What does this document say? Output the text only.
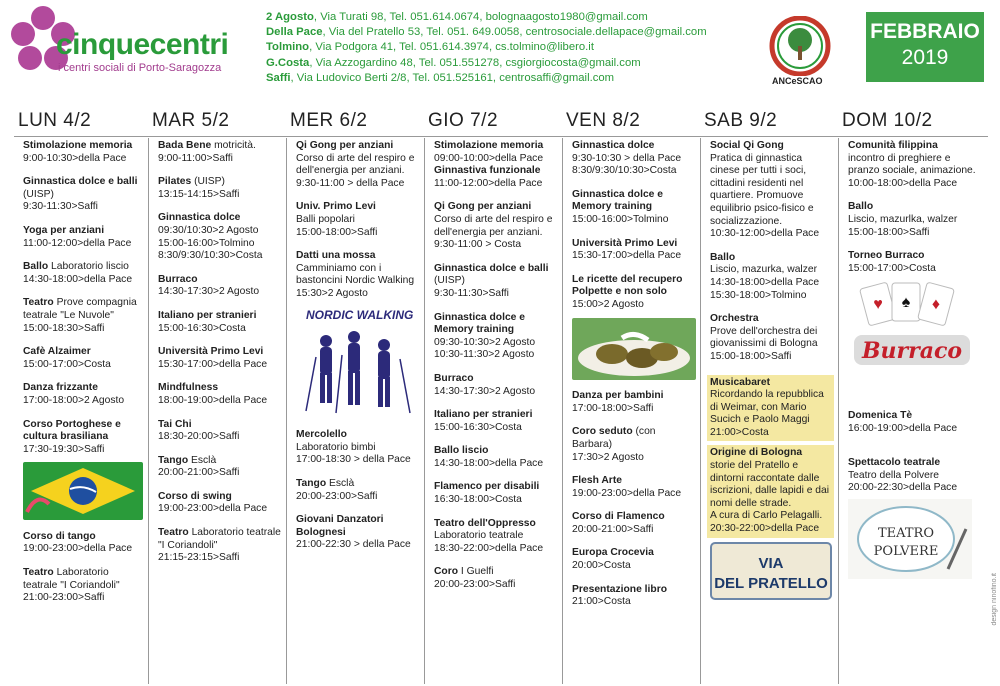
cinquecentri
i centri sociali di Porto-Saragozza
2 Agosto, Via Turati 98, Tel. 051.614.0674, bolognaagosto1980@gmail.com
Della Pace, Via del Pratello 53, Tel. 051. 649.0058, centrosociale.dellapace@gmail.com
Tolmino, Via Podgora 41, Tel. 051.614.3974, cs.tolmino@libero.it
G.Costa, Via Azzogardino 48, Tel. 051.551278, csgiorgiocosta@gmail.com
Saffi, Via Ludovico Berti 2/8, Tel. 051.525161, centrosaffi@gmail.com	ANCeSCAO
FEBBRAIO
2019
LUN 4/2
Stimolazione memoria
9:00-10:30>della Pace
Ginnastica dolce e balli
(UISP)
9:30-11:30>Saffi
Yoga per anziani
11:00-12:00>della Pace
Ballo Laboratorio liscio
14:30-18:00>della Pace
Teatro Prove compagnia teatrale "Le Nuvole"
15:00-18:30>Saffi
Cafè Alzaimer
15:00-17:00>Costa
Danza frizzante
17:00-18:00>2 Agosto
Corso Portoghese e cultura brasiliana
17:30-19:30>Saffi
Corso di tango
19:00-23:00>della Pace
Teatro Laboratorio teatrale "I Coriandoli"
21:00-23:00>Saffi
MAR 5/2
Bada Bene motricità.
9:00-11:00>Saffi
Pilates (UISP)
13:15-14:15>Saffi
Ginnastica dolce
09:30/10:30>2 Agosto
15:00-16:00>Tolmino
8:30/9:30/10:30>Costa
Burraco
14:30-17:30>2 Agosto
Italiano per stranieri
15:00-16:30>Costa
Università Primo Levi
15:30-17:00>della Pace
Mindfulness
18:00-19:00>della Pace
Tai Chi
18:30-20:00>Saffi
Tango Esclà
20:00-21:00>Saffi
Corso di swing
19:00-23:00>della Pace
Teatro Laboratorio teatrale "I Coriandoli"
21:15-23:15>Saffi
MER 6/2
Qi Gong per anziani
Corso di arte del respiro e dell'energia per anziani.
9:30-11:00 > della Pace
Univ. Primo Levi
Balli popolari
15:00-18:00>Saffi
Datti una mossa
Camminiamo con i bastoncini Nordic Walking
15:30>2 Agosto
NORDIC WALKING
Mercolello
Laboratorio bimbi
17:00-18:30 > della Pace
Tango Esclà
20:00-23:00>Saffi
Giovani Danzatori Bolognesi
21:00-22:30 > della Pace
GIO 7/2
Stimolazione memoria
09:00-10:00>della Pace
Ginnastiva funzionale
11:00-12:00>della Pace
Qi Gong per anziani
Corso di arte del respiro e dell'energia per anziani.
9:30-11:00 > Costa
Ginnastica dolce e balli
(UISP)
9:30-11:30>Saffi
Ginnastica dolce e Memory training
09:30-10:30>2 Agosto
10:30-11:30>2 Agosto
Burraco
14:30-17:30>2 Agosto
Italiano per stranieri
15:00-16:30>Costa
Ballo liscio
14:30-18:00>della Pace
Flamenco per disabili
16:30-18:00>Costa
Teatro dell'Oppresso
Laboratorio teatrale
18:30-22:00>della Pace
Coro I Guelfi
20:00-23:00>Saffi
VEN 8/2
Ginnastica dolce
9:30-10:30 > della Pace
8:30/9:30/10:30>Costa
Ginnastica dolce e Memory training
15:00-16:00>Tolmino
Università Primo Levi
15:30-17:00>della Pace
Le ricette del recupero Polpette e non solo
15:00>2 Agosto
Danza per bambini
17:00-18:00>Saffi
Coro seduto (con Barbara)
17:30>2 Agosto
Flesh Arte
19:00-23:00>della Pace
Corso di Flamenco
20:00-21:00>Saffi
Europa Crocevia
20:00>Costa
Presentazione libro
21:00>Costa
SAB 9/2
Social Qi Gong
Pratica di ginnastica cinese per tutti i soci, cittadini residenti nel quartiere. Promuove equilibrio psico-fisico e socializzazione.
10:30-12:00>della Pace
Ballo
Liscio, mazurka, walzer
14:30-18:00>della Pace
15:30-18:00>Tolmino
Orchestra
Prove dell'orchestra dei giovanissimi di Bologna
15:00-18:00>Saffi
Musicabaret
Ricordando la repubblica di Weimar, con Mario Sucich e Paolo Maggi
21:00>Costa
Origine di Bologna
storie del Pratello e dintorni raccontate dalle iscrizioni, dalle lapidi e dai nomi delle strade.
A cura di Carlo Pelagalli.
20:30-22:00>della Pace
VIA
DEL PRATELLO
DOM 10/2
Comunità filippina
incontro di preghiere e pranzo sociale, animazione.
10:00-18:00>della Pace
Ballo
Liscio, mazurlka, walzer
15:00-18:00>Saffi
Torneo Burraco
15:00-17:00>Costa
♥ ♠ ♦
Burraco
Domenica Tè
16:00-19:00>della Pace
Spettacolo teatrale
Teatro della Polvere
20:00-22:30>della Pace
TEATRO
POLVERE
design ninofino.it
